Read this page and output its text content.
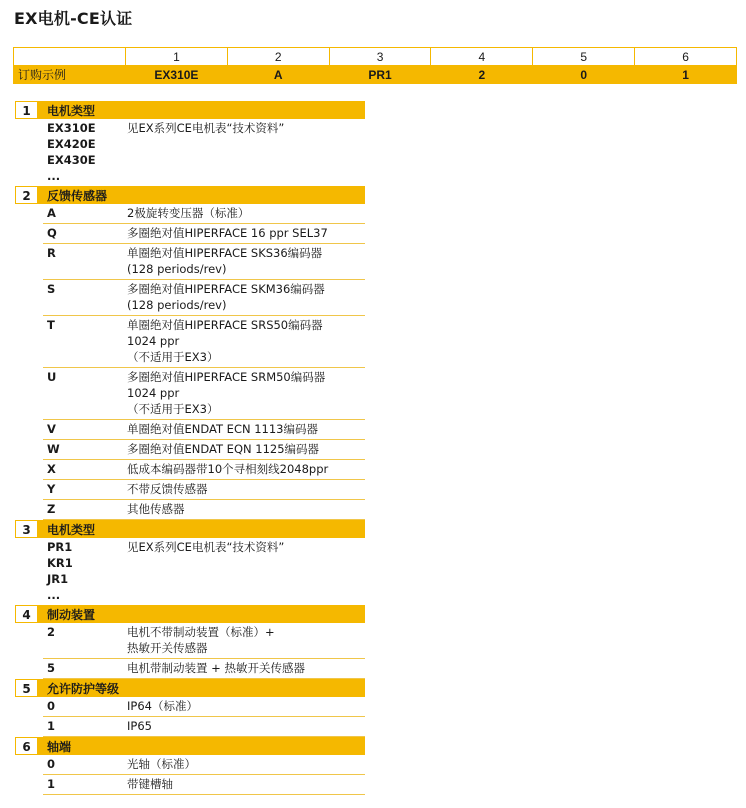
EX电机-CE认证
	1	2	3	4	5	6
订购示例	EX310E	A	PR1	2	0	1
1	电机类型
EX310E
EX420E
EX430E
...
见EX系列CE电机表“技术资料”
2	反馈传感器
A	2极旋转变压器（标准）
Q	多圈绝对值HIPERFACE 16 ppr SEL37
R	单圈绝对值HIPERFACE SKS36编码器
(128 periods/rev)
S	多圈绝对值HIPERFACE SKM36编码器
(128 periods/rev)
T	单圈绝对值HIPERFACE SRS50编码器
1024 ppr
（不适用于EX3）
U	多圈绝对值HIPERFACE SRM50编码器
1024 ppr
（不适用于EX3）
V	单圈绝对值ENDAT ECN 1113编码器
W	多圈绝对值ENDAT EQN 1125编码器
X	低成本编码器带10个寻相刻线2048ppr
Y	不带反馈传感器
Z	其他传感器
3	电机类型
PR1
KR1
JR1
...
见EX系列CE电机表“技术资料”
4	制动装置
2	电机不带制动装置（标准）+
热敏开关传感器
5	电机带制动装置 + 热敏开关传感器
5	允许防护等级
0	IP64（标准）
1	IP65
6	轴端
0	光轴（标准）
1	带键槽轴
